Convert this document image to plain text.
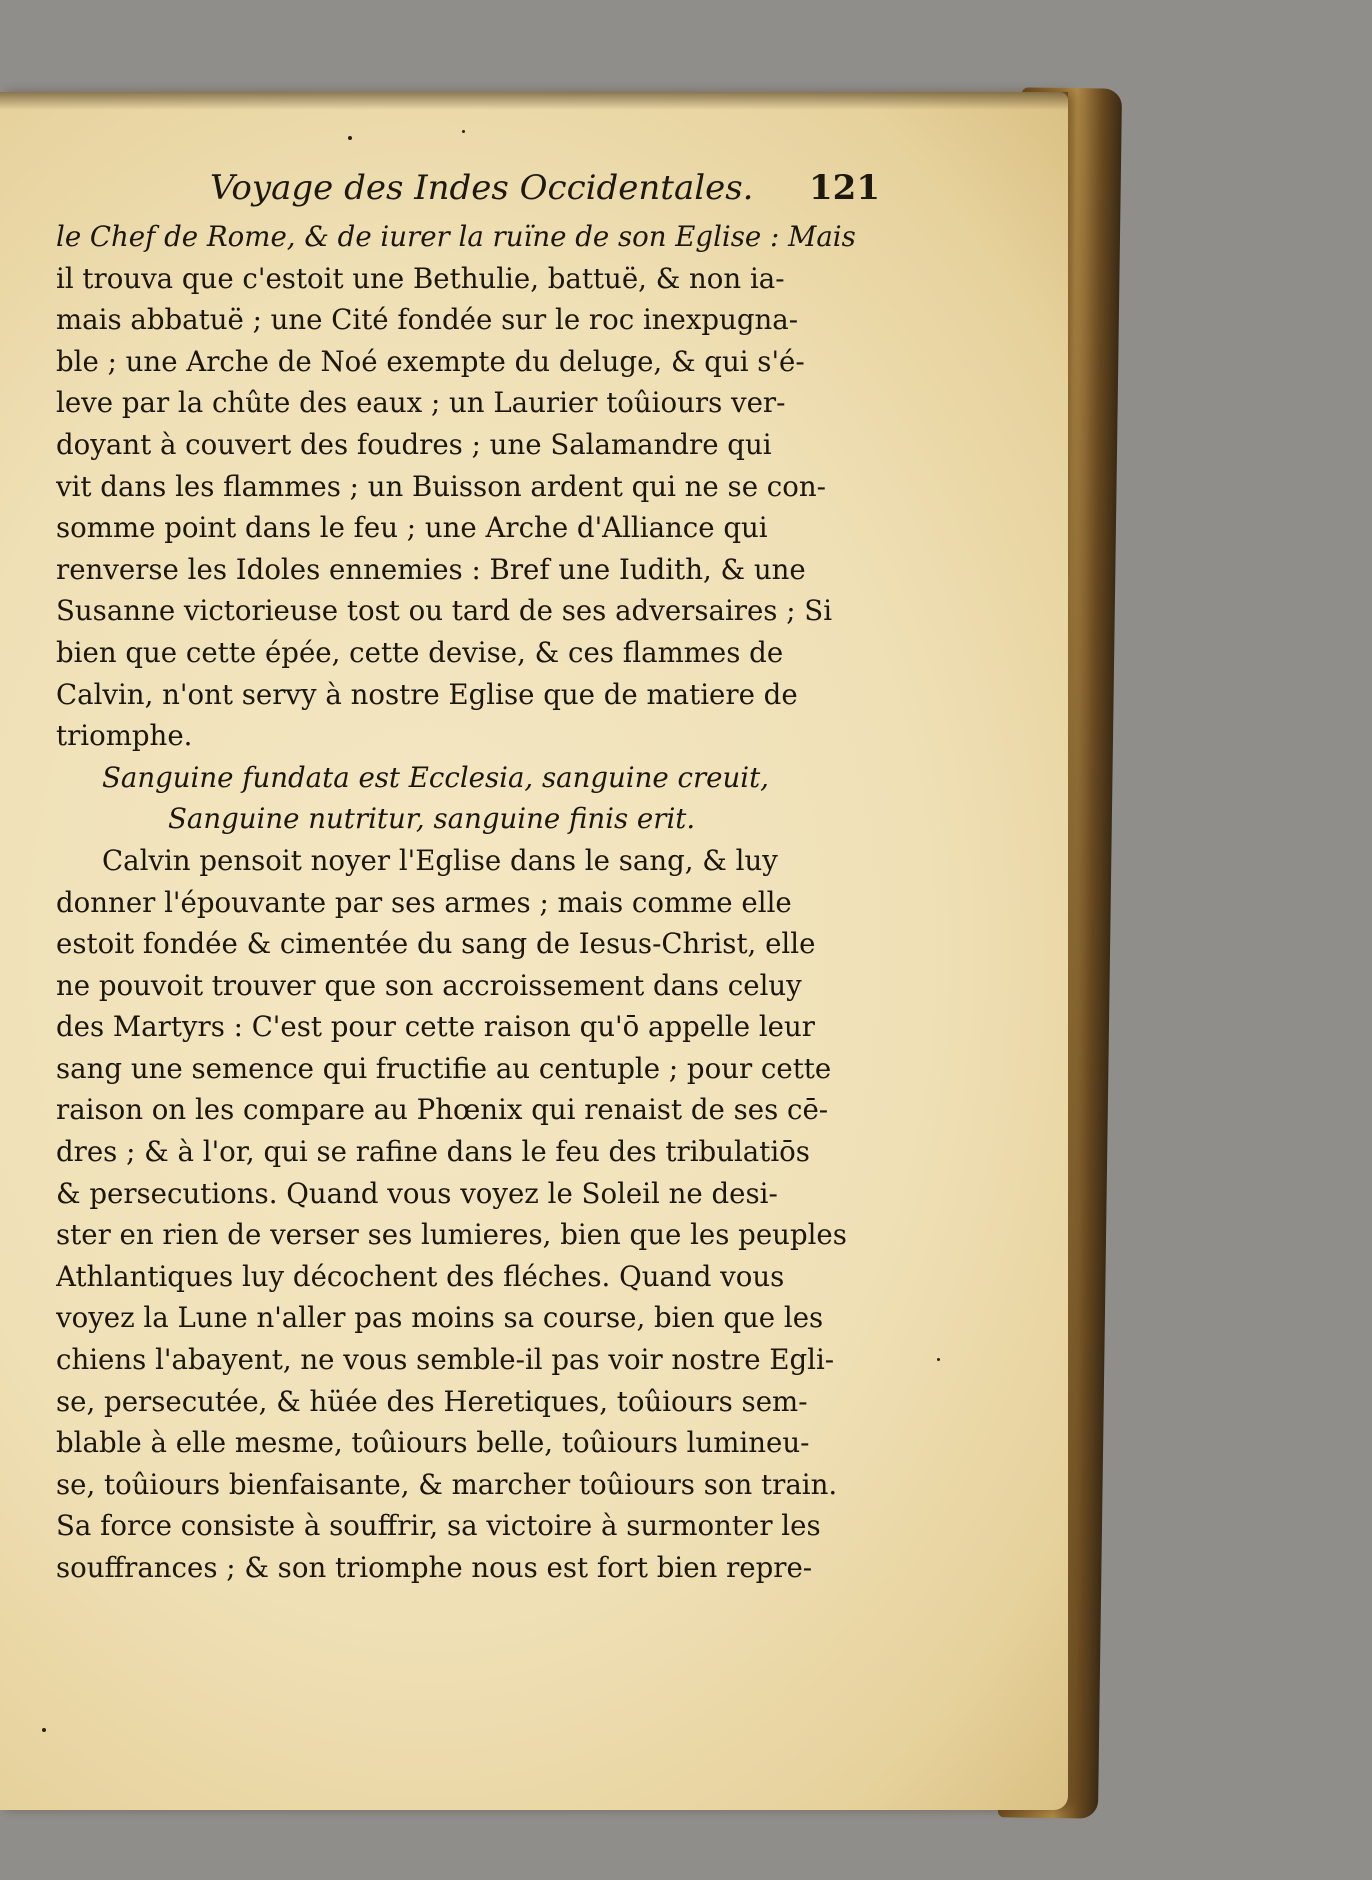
Voyage des Indes Occidentales. 121
le Chef de Rome, & de iurer la ruïne de son Eglise : Mais
il trouva que c'estoit une Bethulie, battuë, & non ia-
mais abbatuë ; une Cité fondée sur le roc inexpugna-
ble ; une Arche de Noé exempte du deluge, & qui s'é-
leve par la chûte des eaux ; un Laurier toûiours ver-
doyant à couvert des foudres ; une Salamandre qui
vit dans les flammes ; un Buisson ardent qui ne se con-
somme point dans le feu ; une Arche d'Alliance qui
renverse les Idoles ennemies : Bref une Iudith, & une
Susanne victorieuse tost ou tard de ses adversaires ; Si
bien que cette épée, cette devise, & ces flammes de
Calvin, n'ont servy à nostre Eglise que de matiere de
triomphe.
Sanguine fundata est Ecclesia, sanguine creuit,
Sanguine nutritur, sanguine finis erit.
Calvin pensoit noyer l'Eglise dans le sang, & luy
donner l'épouvante par ses armes ; mais comme elle
estoit fondée & cimentée du sang de Iesus-Christ, elle
ne pouvoit trouver que son accroissement dans celuy
des Martyrs : C'est pour cette raison qu'ō appelle leur
sang une semence qui fructifie au centuple ; pour cette
raison on les compare au Phœnix qui renaist de ses cē-
dres ; & à l'or, qui se rafine dans le feu des tribulatiōs
& persecutions. Quand vous voyez le Soleil ne desi-
ster en rien de verser ses lumieres, bien que les peuples
Athlantiques luy décochent des fléches. Quand vous
voyez la Lune n'aller pas moins sa course, bien que les
chiens l'abayent, ne vous semble-il pas voir nostre Egli-
se, persecutée, & hüée des Heretiques, toûiours sem-
blable à elle mesme, toûiours belle, toûiours lumineu-
se, toûiours bienfaisante, & marcher toûiours son train.
Sa force consiste à souffrir, sa victoire à surmonter les
souffrances ; & son triomphe nous est fort bien repre-
